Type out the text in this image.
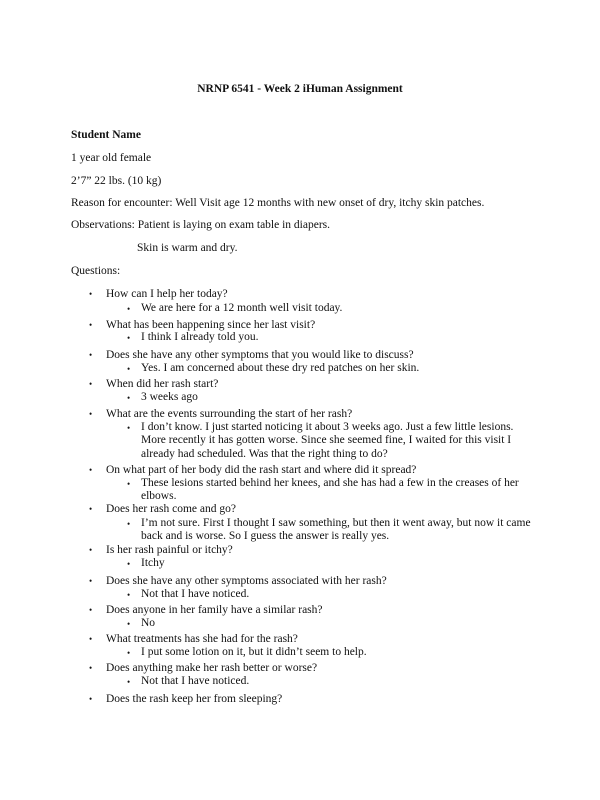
NRNP 6541 - Week 2 iHuman Assignment
Student Name
1 year old female
2’7” 22 lbs. (10 kg)
Reason for encounter: Well Visit age 12 months with new onset of dry, itchy skin patches.
Observations: Patient is laying on exam table in diapers.
Skin is warm and dry.
Questions:
• How can I help her today?
• We are here for a 12 month well visit today.
• What has been happening since her last visit?
• I think I already told you.
• Does she have any other symptoms that you would like to discuss?
• Yes. I am concerned about these dry red patches on her skin.
• When did her rash start?
• 3 weeks ago
• What are the events surrounding the start of her rash?
• I don’t know. I just started noticing it about 3 weeks ago. Just a few little lesions. More recently it has gotten worse. Since she seemed fine, I waited for this visit I already had scheduled. Was that the right thing to do?
• On what part of her body did the rash start and where did it spread?
• These lesions started behind her knees, and she has had a few in the creases of her elbows.
• Does her rash come and go?
• I’m not sure. First I thought I saw something, but then it went away, but now it came back and is worse. So I guess the answer is really yes.
• Is her rash painful or itchy?
• Itchy
• Does she have any other symptoms associated with her rash?
• Not that I have noticed.
• Does anyone in her family have a similar rash?
• No
• What treatments has she had for the rash?
• I put some lotion on it, but it didn’t seem to help.
• Does anything make her rash better or worse?
• Not that I have noticed.
• Does the rash keep her from sleeping?
